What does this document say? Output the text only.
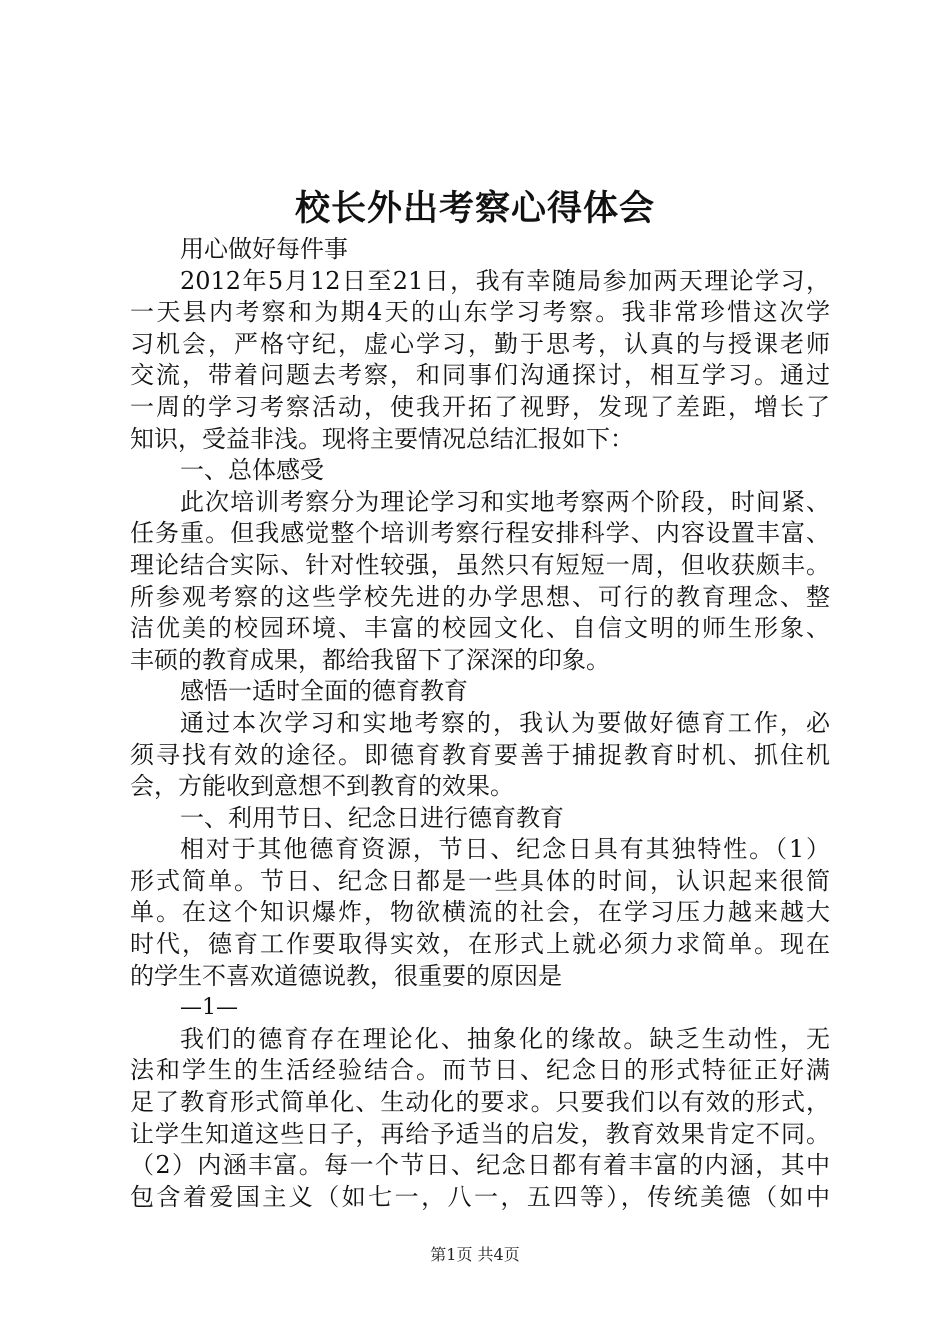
校长外出考察心得体会
用心做好每件事
2012年5月12日至21日，我有幸随局参加两天理论学习，
一天县内考察和为期4天的山东学习考察。我非常珍惜这次学
习机会，严格守纪，虚心学习，勤于思考，认真的与授课老师
交流，带着问题去考察，和同事们沟通探讨，相互学习。通过
一周的学习考察活动，使我开拓了视野，发现了差距，增长了
知识，受益非浅。现将主要情况总结汇报如下：
一、总体感受
此次培训考察分为理论学习和实地考察两个阶段，时间紧、
任务重。但我感觉整个培训考察行程安排科学、内容设置丰富、
理论结合实际、针对性较强，虽然只有短短一周，但收获颇丰。
所参观考察的这些学校先进的办学思想、可行的教育理念、整
洁优美的校园环境、丰富的校园文化、自信文明的师生形象、
丰硕的教育成果，都给我留下了深深的印象。
感悟一适时全面的德育教育
通过本次学习和实地考察的，我认为要做好德育工作，必
须寻找有效的途径。即德育教育要善于捕捉教育时机、抓住机
会，方能收到意想不到教育的效果。
一、利用节日、纪念日进行德育教育
相对于其他德育资源，节日、纪念日具有其独特性。（1）
形式简单。节日、纪念日都是一些具体的时间，认识起来很简
单。在这个知识爆炸，物欲横流的社会，在学习压力越来越大
时代，德育工作要取得实效，在形式上就必须力求简单。现在
的学生不喜欢道德说教，很重要的原因是
—1—
我们的德育存在理论化、抽象化的缘故。缺乏生动性，无
法和学生的生活经验结合。而节日、纪念日的形式特征正好满
足了教育形式简单化、生动化的要求。只要我们以有效的形式，
让学生知道这些日子，再给予适当的启发，教育效果肯定不同。
（2）内涵丰富。每一个节日、纪念日都有着丰富的内涵，其中
包含着爱国主义（如七一，八一，五四等），传统美德（如中
第1页 共4页
